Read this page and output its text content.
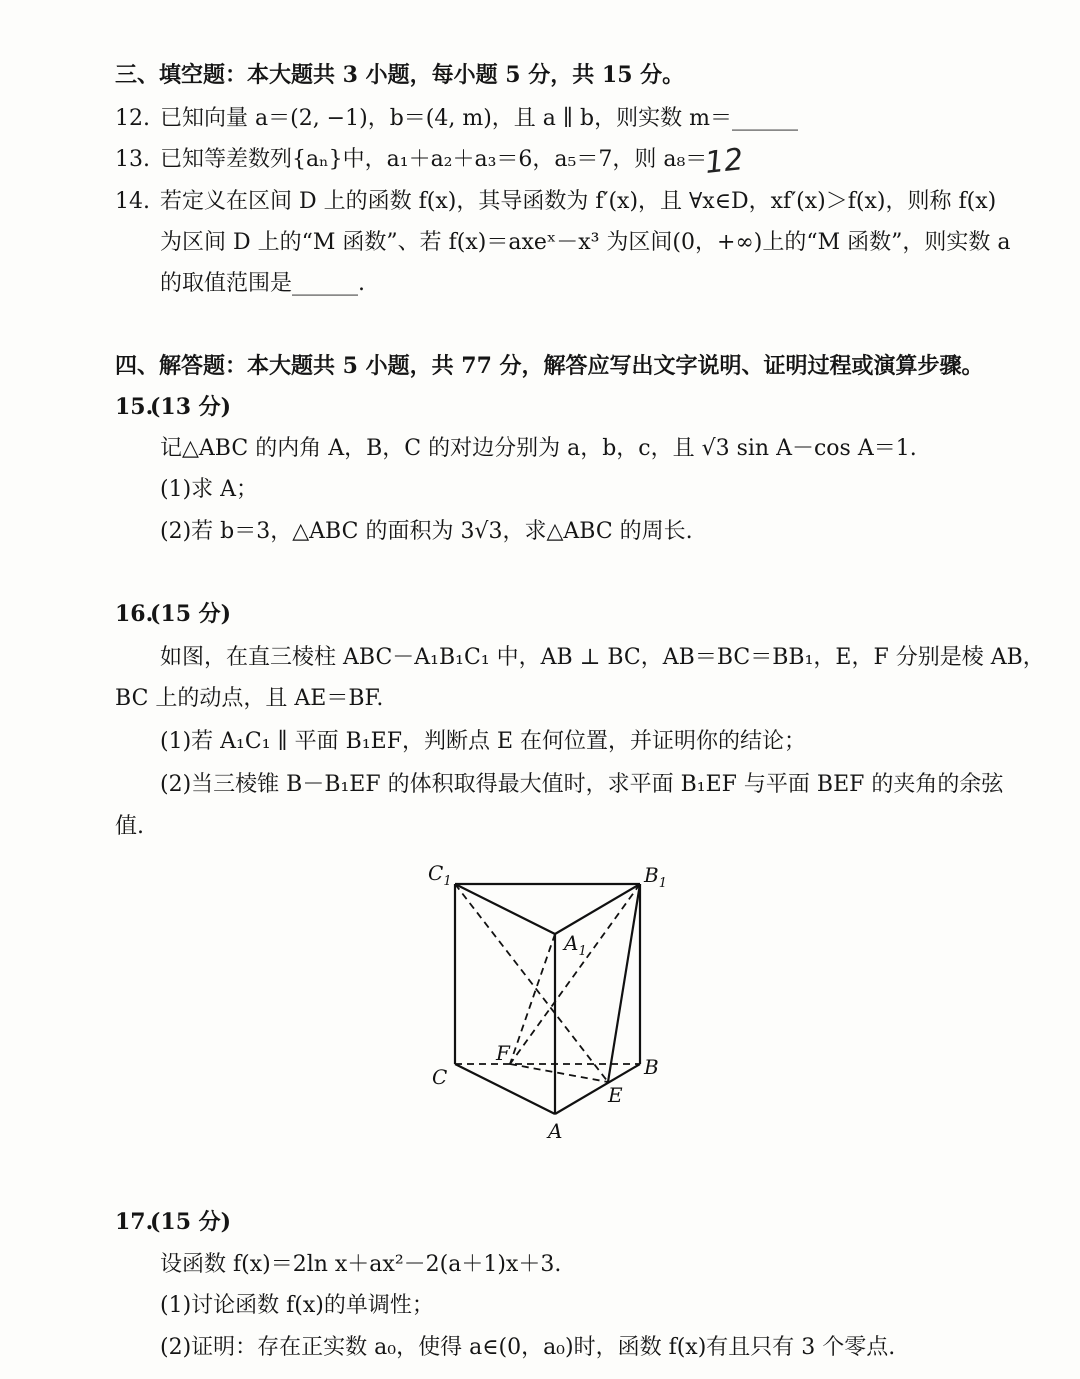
三、填空题：本大题共 3 小题，每小题 5 分，共 15 分。
12. 已知向量 a＝(2, −1)，b＝(4, m)，且 a ∥ b，则实数 m＝______
13. 已知等差数列{aₙ}中，a₁＋a₂＋a₃＝6，a₅＝7，则 a₈＝
12
14. 若定义在区间 D 上的函数 f(x)，其导函数为 f′(x)，且 ∀x∈D，xf′(x)＞f(x)，则称 f(x)
为区间 D 上的“M 函数”、若 f(x)＝axeˣ－x³ 为区间(0，+∞)上的“M 函数”，则实数 a
的取值范围是______.
四、解答题：本大题共 5 小题，共 77 分，解答应写出文字说明、证明过程或演算步骤。
15.
(13 分)
记△ABC 的内角 A，B，C 的对边分别为 a，b，c，且 √3 sin A－cos A＝1.
(1)求 A；
(2)若 b＝3，△ABC 的面积为 3√3，求△ABC 的周长.
16.
(15 分)
如图，在直三棱柱 ABC－A₁B₁C₁ 中，AB ⊥ BC，AB＝BC＝BB₁，E，F 分别是棱 AB，
BC 上的动点，且 AE＝BF.
(1)若 A₁C₁ ∥ 平面 B₁EF，判断点 E 在何位置，并证明你的结论；
(2)当三棱锥 B－B₁EF 的体积取得最大值时，求平面 B₁EF 与平面 BEF 的夹角的余弦
值.
$C_1$	$B_1$
$A_1$
C	B
A
E
F
17.
(15 分)
设函数 f(x)＝2ln x＋ax²－2(a＋1)x＋3.
(1)讨论函数 f(x)的单调性；
(2)证明：存在正实数 a₀，使得 a∈(0，a₀)时，函数 f(x)有且只有 3 个零点.
